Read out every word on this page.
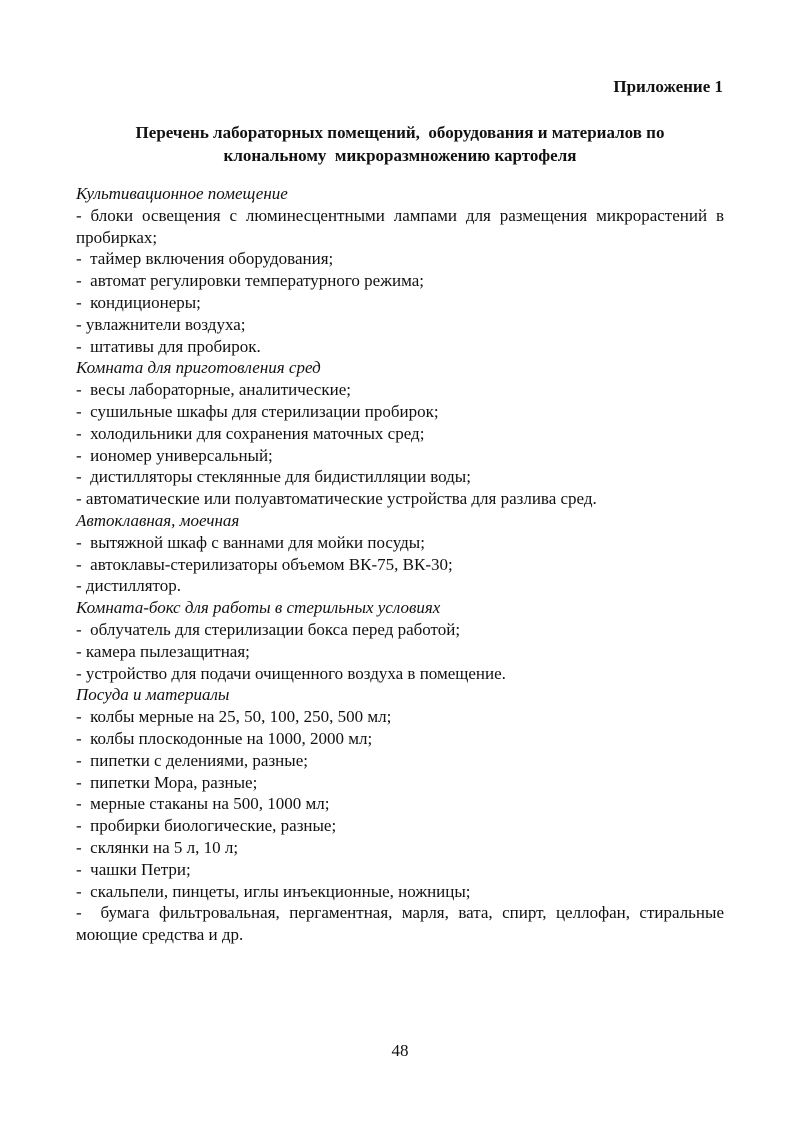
Приложение 1
Перечень лабораторных помещений,  оборудования и материалов по
клональному  микроразмножению картофеля
Культивационное помещение
- блоки освещения с люминесцентными лампами для размещения микрорастений в пробирках;
-  таймер включения оборудования;
-  автомат регулировки температурного режима;
-  кондиционеры;
- увлажнители воздуха;
-  штативы для пробирок.
Комната для приготовления сред
-  весы лабораторные, аналитические;
-  сушильные шкафы для стерилизации пробирок;
-  холодильники для сохранения маточных сред;
-  иономер универсальный;
-  дистилляторы стеклянные для бидистилляции воды;
- автоматические или полуавтоматические устройства для разлива сред.
Автоклавная, моечная
-  вытяжной шкаф с ваннами для мойки посуды;
-  автоклавы-стерилизаторы объемом ВК-75, ВК-30;
- дистиллятор.
Комната-бокс для работы в стерильных условиях
-  облучатель для стерилизации бокса перед работой;
- камера пылезащитная;
- устройство для подачи очищенного воздуха в помещение.
Посуда и материалы
-  колбы мерные на 25, 50, 100, 250, 500 мл;
-  колбы плоскодонные на 1000, 2000 мл;
-  пипетки с делениями, разные;
-  пипетки Мора, разные;
-  мерные стаканы на 500, 1000 мл;
-  пробирки биологические, разные;
-  склянки на 5 л, 10 л;
-  чашки Петри;
-  скальпели, пинцеты, иглы инъекционные, ножницы;
-  бумага фильтровальная, пергаментная, марля, вата, спирт, целлофан, стиральные моющие средства и др.
48
